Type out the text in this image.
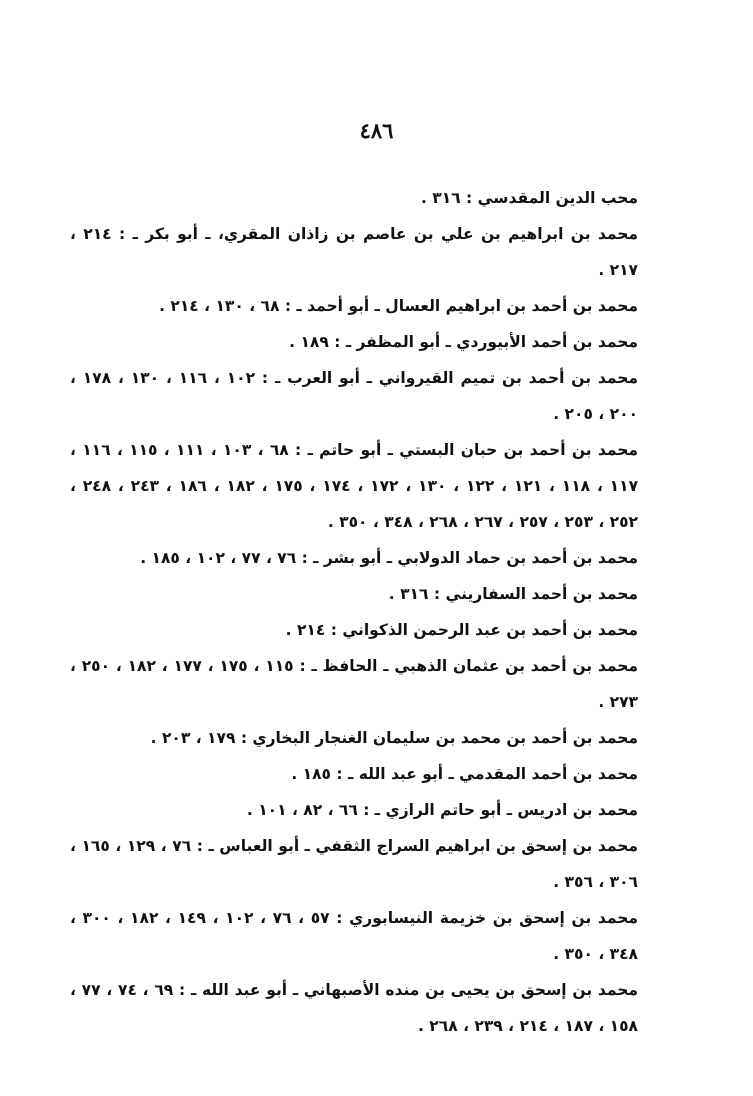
٤٨٦
محب الدين المقدسي : ٣١٦ .
محمد بن ابراهيم بن علي بن عاصم بن زاذان المقري، ـ أبو بكر ـ : ٢١٤ ، ٢١٧ .
محمد بن أحمد بن ابراهيم العسال ـ أبو أحمد ـ : ٦٨ ، ١٣٠ ، ٢١٤ .
محمد بن أحمد الأبيوردي ـ أبو المظفر ـ : ١٨٩ .
محمد بن أحمد بن تميم القيرواني ـ أبو العرب ـ : ١٠٢ ، ١١٦ ، ١٣٠ ، ١٧٨ ، ٢٠٠ ، ٢٠٥ .
محمد بن أحمد بن حبان البستي ـ أبو حاتم ـ : ٦٨ ، ١٠٣ ، ١١١ ، ١١٥ ، ١١٦ ، ١١٧ ، ١١٨ ، ١٢١ ، ١٢٢ ، ١٣٠ ، ١٧٢ ، ١٧٤ ، ١٧٥ ، ١٨٢ ، ١٨٦ ، ٢٤٣ ، ٢٤٨ ، ٢٥٢ ، ٢٥٣ ، ٢٥٧ ، ٢٦٧ ، ٢٦٨ ، ٣٤٨ ، ٣٥٠ .
محمد بن أحمد بن حماد الدولابي ـ أبو بشر ـ : ٧٦ ، ٧٧ ، ١٠٢ ، ١٨٥ .
محمد بن أحمد السفاريني : ٣١٦ .
محمد بن أحمد بن عبد الرحمن الذكواني : ٢١٤ .
محمد بن أحمد بن عثمان الذهبي ـ الحافظ ـ : ١١٥ ، ١٧٥ ، ١٧٧ ، ١٨٢ ، ٢٥٠ ، ٢٧٣ .
محمد بن أحمد بن محمد بن سليمان الغنجار البخاري : ١٧٩ ، ٢٠٣ .
محمد بن أحمد المقدمي ـ أبو عبد الله ـ : ١٨٥ .
محمد بن ادريس ـ أبو حاتم الرازي ـ : ٦٦ ، ٨٢ ، ١٠١ .
محمد بن إسحق بن ابراهيم السراج الثقفي ـ أبو العباس ـ : ٧٦ ، ١٢٩ ، ١٦٥ ، ٣٠٦ ، ٣٥٦ .
محمد بن إسحق بن خزيمة النيسابوري : ٥٧ ، ٧٦ ، ١٠٢ ، ١٤٩ ، ١٨٢ ، ٣٠٠ ، ٣٤٨ ، ٣٥٠ .
محمد بن إسحق بن يحيى بن منده الأصبهاني ـ أبو عبد الله ـ : ٦٩ ، ٧٤ ، ٧٧ ، ١٥٨ ، ١٨٧ ، ٢١٤ ، ٢٣٩ ، ٢٦٨ .
